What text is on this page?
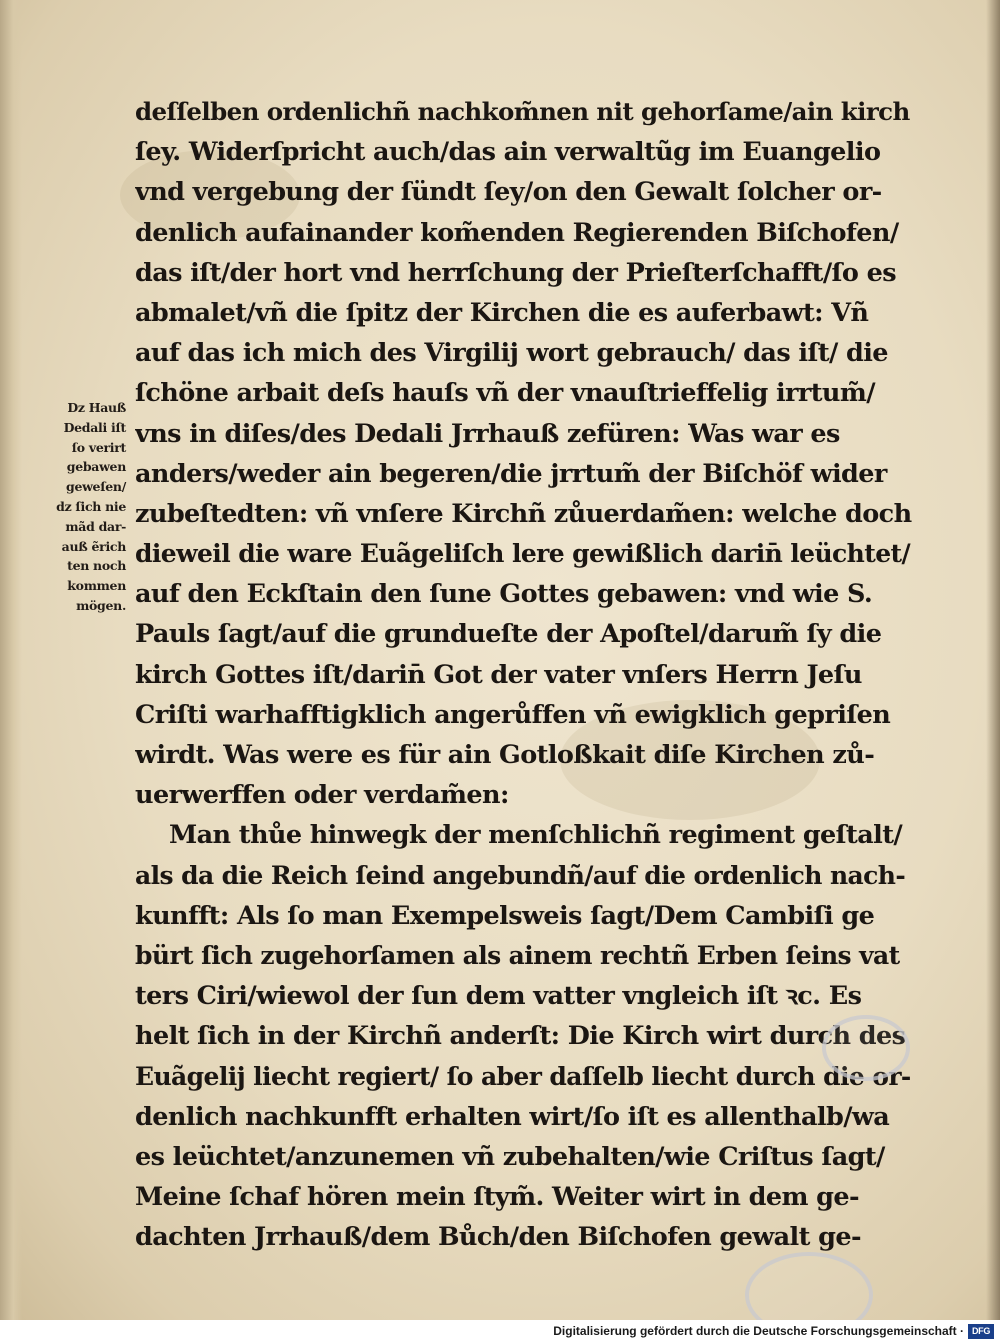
Dz Hauß
Dedali iſt
ſo verirt
gebawen
geweſen/
dz ſich nie
mãd dar‑
auß ẽrich
ten noch
kommen
mögen.
deſſelben ordenlichñ nachkom̃nen nit gehorſame/ain kirch
ſey. Widerſpricht auch/das ain verwaltũg im Euangelio
vnd vergebung der ſündt ſey/on den Gewalt ſolcher or‑
denlich aufainander kom̃enden Regierenden Biſchofen/
das iſt/der hort vnd herrſchung der Prieſterſchafft/ſo es
abmalet/vñ die ſpitz der Kirchen die es auferbawt: Vñ
auf das ich mich des Virgilij wort gebrauch/ das iſt/ die
ſchöne arbait deſs hauſs vñ der vnauſtrieffelig irrtum̃/
vns in diſes/des Dedali Jrrhauß zefüren: Was war es
anders/weder ain begeren/die jrrtum̃ der Biſchöf wider
zubeſtedten: vñ vnſere Kirchñ zůuerdam̃en: welche doch
dieweil die ware Euãgeliſch lere gewißlich darin̄ leüchtet/
auf den Eckſtain den ſune Gottes gebawen: vnd wie S.
Pauls ſagt/auf die grundueſte der Apoſtel/darum̃ ſy die
kirch Gottes iſt/darin̄ Got der vater vnſers Herrn Jeſu
Criſti warhafftigklich angerůffen vñ ewigklich gepriſen
wirdt. Was were es für ain Gotloßkait diſe Kirchen zů‑
uerwerffen oder verdam̃en:
Man thůe hinwegk der menſchlichñ regiment geſtalt/
als da die Reich ſeind angebundñ/auf die ordenlich nach‑
kunfft: Als ſo man Exempelsweis ſagt/Dem Cambiſi ge
bürt ſich zugehorſamen als ainem rechtñ Erben ſeins vat
ters Ciri/wiewol der ſun dem vatter vngleich iſt ꝛc. Es
helt ſich in der Kirchñ anderſt: Die Kirch wirt durch des
Euãgelij liecht regiert/ ſo aber daſſelb liecht durch die or‑
denlich nachkunfft erhalten wirt/ſo iſt es allenthalb/wa
es leüchtet/anzunemen vñ zubehalten/wie Criſtus ſagt/
Meine ſchaf hören mein ſtym̃. Weiter wirt in dem ge‑
dachten Jrrhauß/dem Bůch/den Biſchofen gewalt ge‑
Digitalisierung gefördert durch die Deutsche Forschungsgemeinschaft · DFG
